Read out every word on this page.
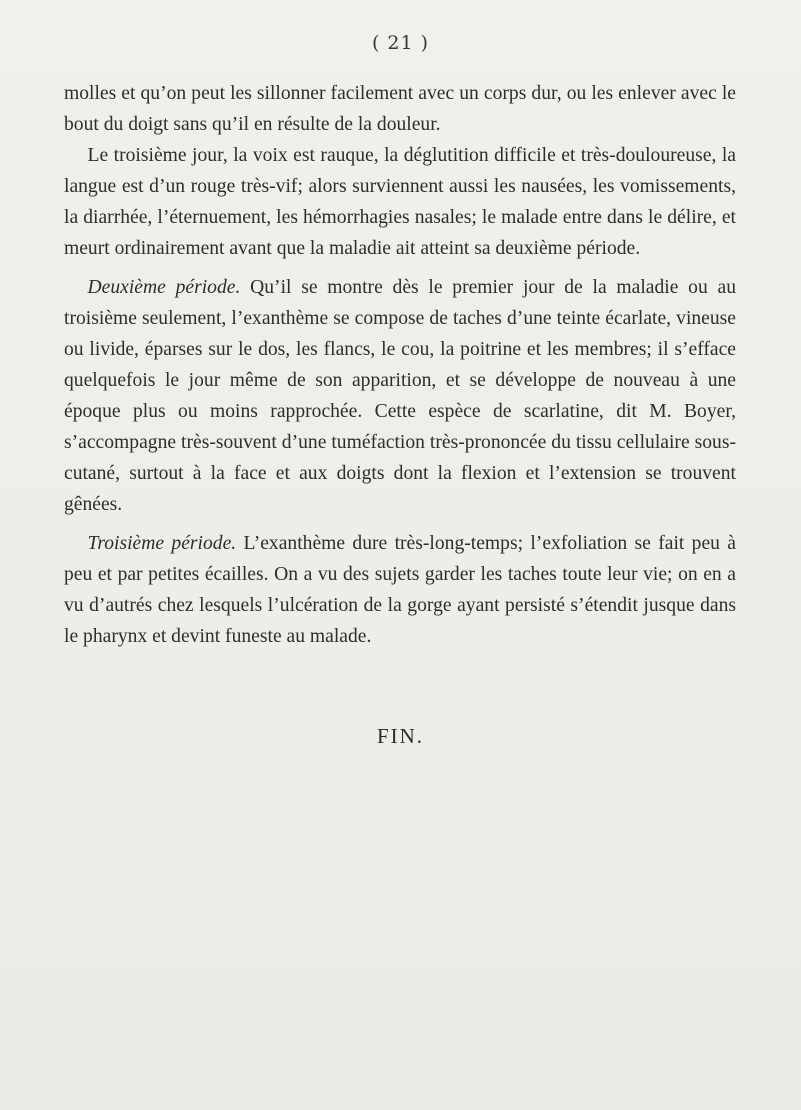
( 21 )

molles et qu’on peut les sillonner facilement avec un corps dur, ou les enlever avec le bout du doigt sans qu’il en résulte de la douleur.

Le troisième jour, la voix est rauque, la déglutition difficile et très-douloureuse, la langue est d’un rouge très-vif; alors surviennent aussi les nausées, les vomissements, la diarrhée, l’éternuement, les hémorrhagies nasales; le malade entre dans le délire, et meurt ordinairement avant que la maladie ait atteint sa deuxième période.

Deuxième période. Qu’il se montre dès le premier jour de la maladie ou au troisième seulement, l’exanthème se compose de taches d’une teinte écarlate, vineuse ou livide, éparses sur le dos, les flancs, le cou, la poitrine et les membres; il s’efface quelquefois le jour même de son apparition, et se développe de nouveau à une époque plus ou moins rapprochée. Cette espèce de scarlatine, dit M. Boyer, s’accompagne très-souvent d’une tuméfaction très-prononcée du tissu cellulaire sous-cutané, surtout à la face et aux doigts dont la flexion et l’extension se trouvent gênées.

Troisième période. L’exanthème dure très-long-temps; l’exfoliation se fait peu à peu et par petites écailles. On a vu des sujets garder les taches toute leur vie; on en a vu d’autrés chez lesquels l’ulcération de la gorge ayant persisté s’étendit jusque dans le pharynx et devint funeste au malade.

FIN.
